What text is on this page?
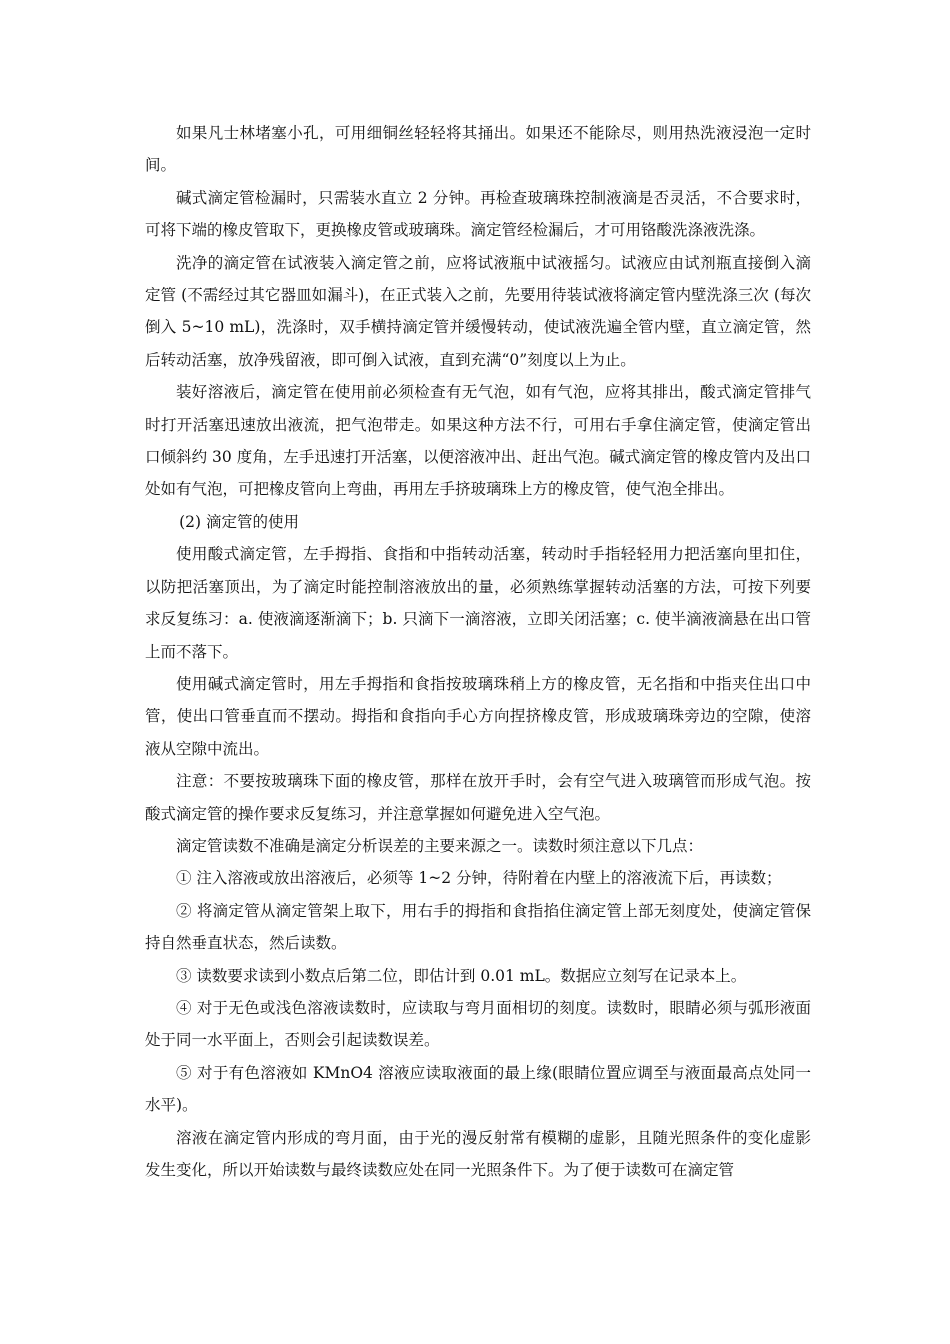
如果凡士林堵塞小孔，可用细铜丝轻轻将其捅出。如果还不能除尽，则用热洗液浸泡一定时间。

碱式滴定管检漏时，只需装水直立 2 分钟。再检查玻璃珠控制液滴是否灵活，不合要求时，可将下端的橡皮管取下，更换橡皮管或玻璃珠。滴定管经检漏后，才可用铬酸洗涤液洗涤。

洗净的滴定管在试液装入滴定管之前，应将试液瓶中试液摇匀。试液应由试剂瓶直接倒入滴定管 (不需经过其它器皿如漏斗)，在正式装入之前，先要用待装试液将滴定管内壁洗涤三次 (每次倒入 5~10 mL)，洗涤时，双手横持滴定管并缓慢转动，使试液洗遍全管内壁，直立滴定管，然后转动活塞，放净残留液，即可倒入试液，直到充满“0”刻度以上为止。

装好溶液后，滴定管在使用前必须检查有无气泡，如有气泡，应将其排出，酸式滴定管排气时打开活塞迅速放出液流，把气泡带走。如果这种方法不行，可用右手拿住滴定管，使滴定管出口倾斜约 30 度角，左手迅速打开活塞，以便溶液冲出、赶出气泡。碱式滴定管的橡皮管内及出口处如有气泡，可把橡皮管向上弯曲，再用左手挤玻璃珠上方的橡皮管，使气泡全排出。

(2) 滴定管的使用

使用酸式滴定管，左手拇指、食指和中指转动活塞，转动时手指轻轻用力把活塞向里扣住，以防把活塞顶出，为了滴定时能控制溶液放出的量，必须熟练掌握转动活塞的方法，可按下列要求反复练习：a. 使液滴逐渐滴下；b. 只滴下一滴溶液，立即关闭活塞；c. 使半滴液滴悬在出口管上而不落下。

使用碱式滴定管时，用左手拇指和食指按玻璃珠稍上方的橡皮管，无名指和中指夹住出口中管，使出口管垂直而不摆动。拇指和食指向手心方向捏挤橡皮管，形成玻璃珠旁边的空隙，使溶液从空隙中流出。

注意：不要按玻璃珠下面的橡皮管，那样在放开手时，会有空气进入玻璃管而形成气泡。按酸式滴定管的操作要求反复练习，并注意掌握如何避免进入空气泡。

滴定管读数不准确是滴定分析误差的主要来源之一。读数时须注意以下几点：

① 注入溶液或放出溶液后，必须等 1~2 分钟，待附着在内壁上的溶液流下后，再读数；

② 将滴定管从滴定管架上取下，用右手的拇指和食指掐住滴定管上部无刻度处，使滴定管保持自然垂直状态，然后读数。

③ 读数要求读到小数点后第二位，即估计到 0.01 mL。数据应立刻写在记录本上。

④ 对于无色或浅色溶液读数时，应读取与弯月面相切的刻度。读数时，眼睛必须与弧形液面处于同一水平面上，否则会引起读数误差。

⑤ 对于有色溶液如 KMnO4 溶液应读取液面的最上缘(眼睛位置应调至与液面最高点处同一水平)。

溶液在滴定管内形成的弯月面，由于光的漫反射常有模糊的虚影，且随光照条件的变化虚影发生变化，所以开始读数与最终读数应处在同一光照条件下。为了便于读数可在滴定管
